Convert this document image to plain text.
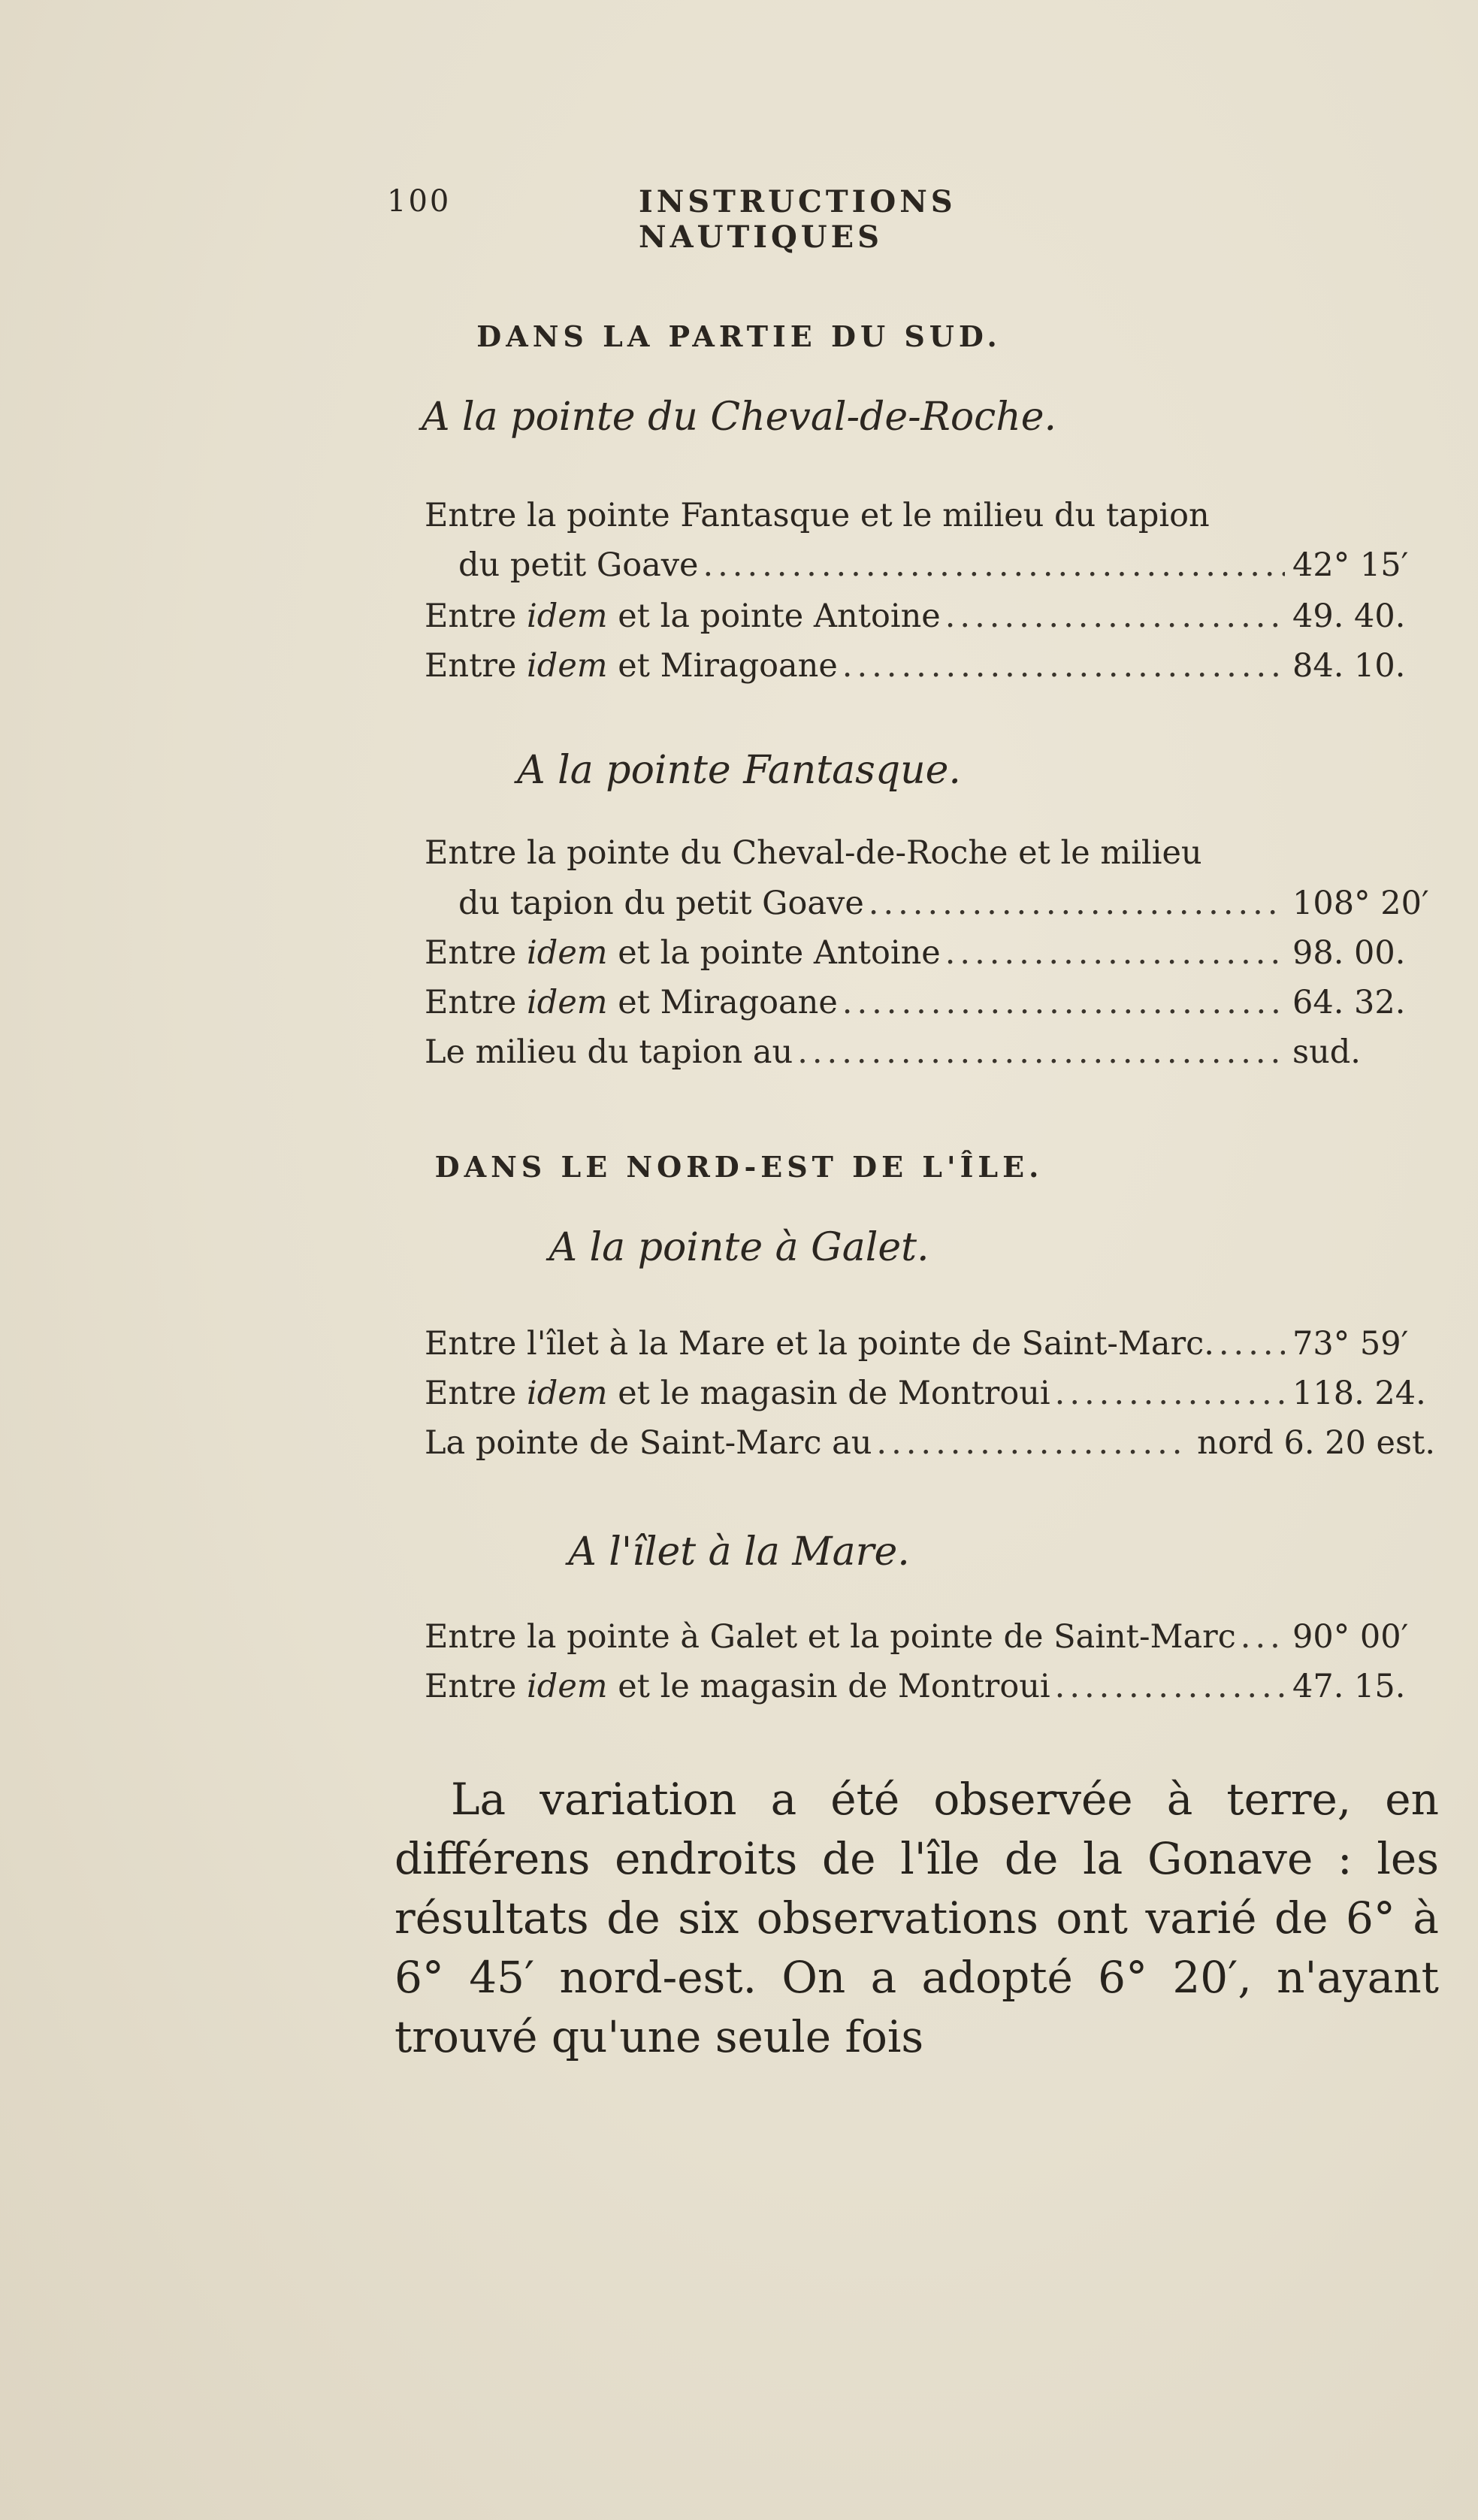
100	INSTRUCTIONS NAUTIQUES
DANS LA PARTIE DU SUD.
A la pointe du Cheval-de-Roche.
Entre la pointe Fantasque et le milieu du tapion
du petit Goave .....	42° 15′
Entre idem et la pointe Antoine .....	49. 40.
Entre idem et Miragoane .....	84. 10.
A la pointe Fantasque.
Entre la pointe du Cheval-de-Roche et le milieu
du tapion du petit Goave .....	108° 20′
Entre idem et la pointe Antoine .....	98. 00.
Entre idem et Miragoane .....	64. 32.
Le milieu du tapion au .....	sud.
DANS LE NORD-EST DE L'ÎLE.
A la pointe à Galet.
Entre l'îlet à la Mare et la pointe de Saint-Marc. ..... 73° 59′
Entre idem et le magasin de Montroui .....	118. 24.
La pointe de Saint-Marc au .....	nord 6. 20 est.
A l'îlet à la Mare.
Entre la pointe à Galet et la pointe de Saint-Marc ..... 90° 00′
Entre idem et le magasin de Montroui .....	47. 15.

La variation a été observée à terre, en différens endroits de l'île de la Gonave : les résultats de six observations ont varié de 6° à 6° 45′ nord-est. On a adopté 6° 20′, n'ayant trouvé qu'une seule fois
